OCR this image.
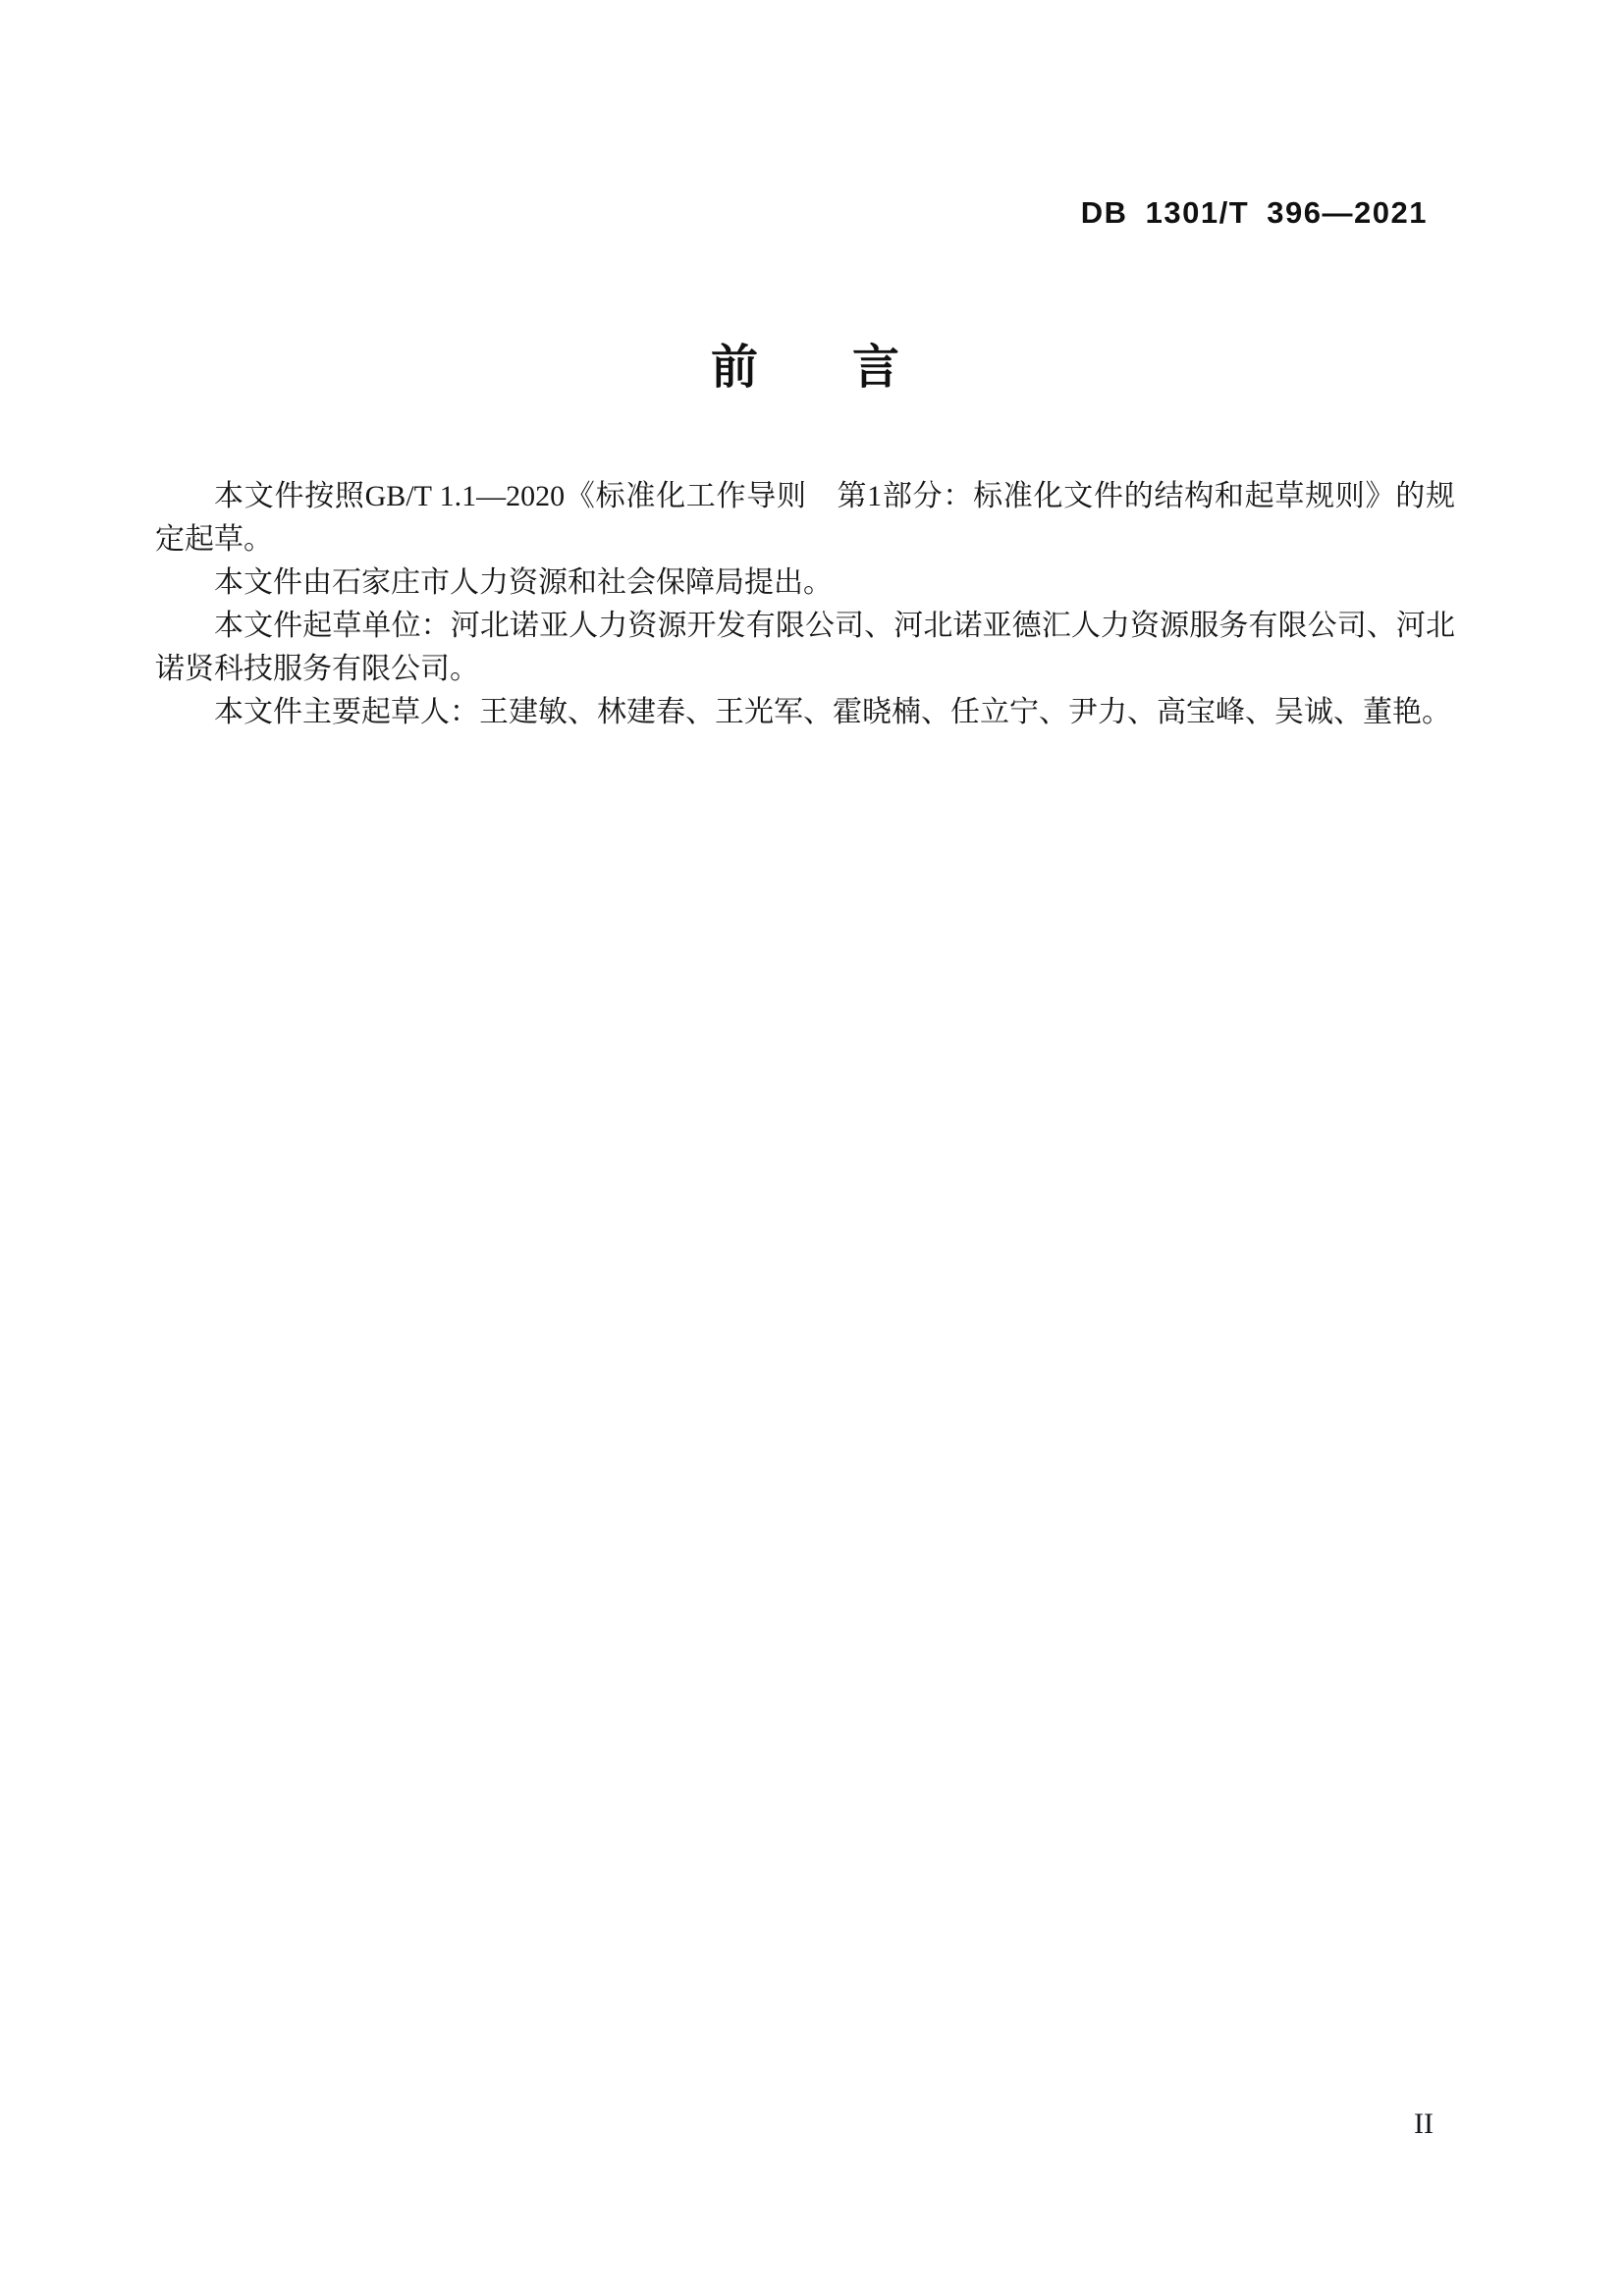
DB 1301/T 396—2021
前　　言

本文件按照GB/T 1.1—2020《标准化工作导则　第1部分：标准化文件的结构和起草规则》的规定起草。

本文件由石家庄市人力资源和社会保障局提出。

本文件起草单位：河北诺亚人力资源开发有限公司、河北诺亚德汇人力资源服务有限公司、河北诺贤科技服务有限公司。

本文件主要起草人：王建敏、林建春、王光军、霍晓楠、任立宁、尹力、高宝峰、吴诚、董艳。

II
